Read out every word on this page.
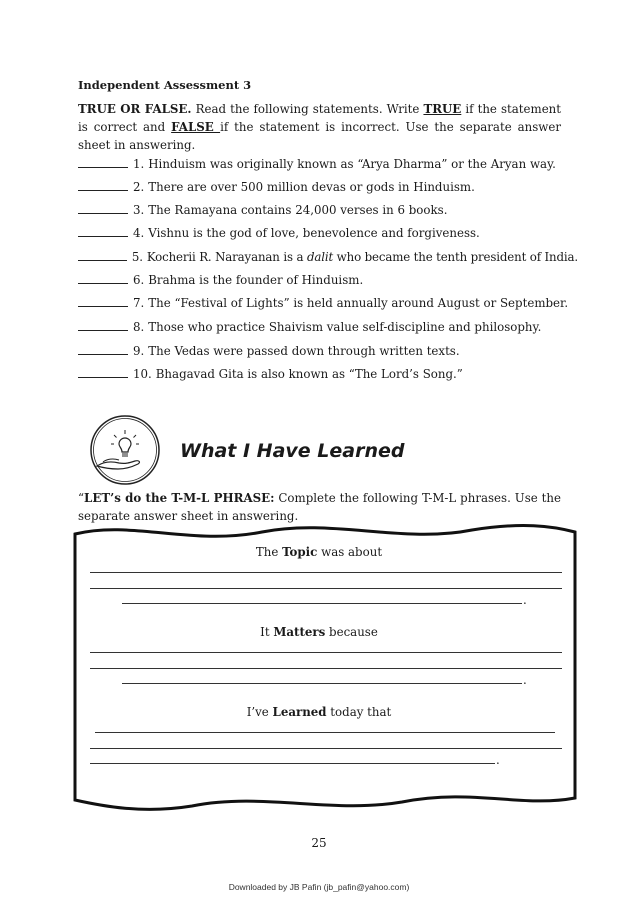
Independent Assessment 3
TRUE OR FALSE. Read the following statements. Write TRUE if the statement is correct and FALSE if the statement is incorrect. Use the separate answer sheet in answering.
1. Hinduism was originally known as “Arya Dharma” or the Aryan way.
2. There are over 500 million devas or gods in Hinduism.
3. The Ramayana contains 24,000 verses in 6 books.
4. Vishnu is the god of love, benevolence and forgiveness.
5. Kocherii R. Narayanan is a dalit who became the tenth president of India.
6. Brahma is the founder of Hinduism.
7. The “Festival of Lights” is held annually around August or September.
8. Those who practice Shaivism value self-discipline and philosophy.
9. The Vedas were passed down through written texts.
10. Bhagavad Gita is also known as “The Lord’s Song.”
What I Have Learned
“LET’s do the T-M-L PHRASE: Complete the following T-M-L phrases. Use the separate answer sheet in answering.
The Topic was about
.
It Matters because
.
I’ve Learned today that
.
25
Downloaded by JB Pafin (jb_pafin@yahoo.com)
